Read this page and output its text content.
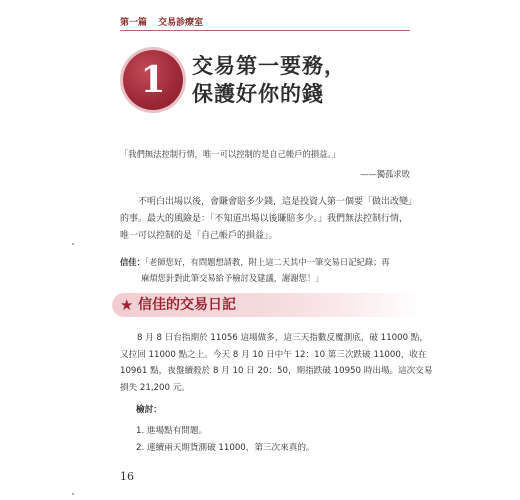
第一篇 交易診療室
1	交易第一要務，
保護好你的錢
「我們無法控制行情，唯一可以控制的是自己帳戶的損益。」
——獨孤求敗
不明白出場以後，會賺會賠多少錢，這是投資人第一個要「做出改變」
的事。最大的風險是：「不知道出場以後賺賠多少。」我們無法控制行情，
唯一可以控制的是「自己帳戶的損益」。
信佳：「老師您好，有問題想請教，附上這二天其中一筆交易日記紀錄；再
麻煩您針對此筆交易給予檢討及建議，謝謝您！」
★ 信佳的交易日記
8 月 8 日台指期於 11056 這場做多，這三天指數反覆測底，破 11000 點，
又拉回 11000 點之上。今天 8 月 10 日中午 12：10 第三次跌破 11000，收在
10961 點，夜盤續殺於 8 月 10 日 20：50，期指跌破 10950 時出場。這次交易
損失 21,200 元。
檢討：
1. 進場點有問題。
2. 連續兩天期貨測破 11000，第三次來真的。
16
